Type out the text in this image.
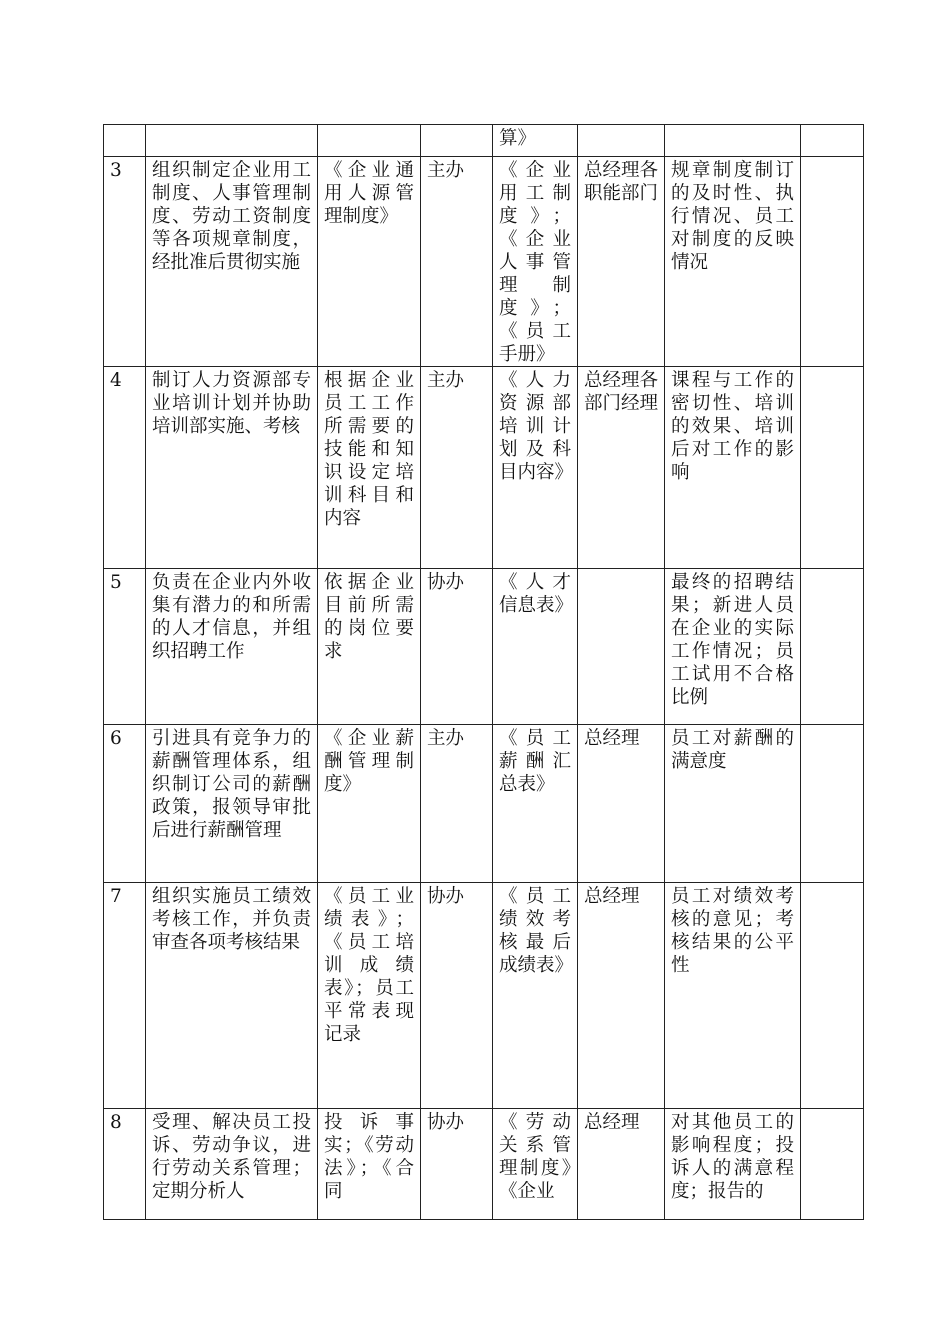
				算》			
3	组织制定企业用工制度、人事管理制度、劳动工资制度等各项规章制度，经批准后贯彻实施	《企业通用人源管理制度》	主办	《企业用工制度》；《企业人事管理制度》；《员工手册》	总经理各职能部门	规章制度制订的及时性、执行情况、员工对制度的反映情况	
4	制订人力资源部专业培训计划并协助培训部实施、考核	根据企业员工工作所需要的技能和知识设定培训科目和内容	主办	《人力资源部培训计划及科目内容》	总经理各部门经理	课程与工作的密切性、培训的效果、培训后对工作的影响	
5	负责在企业内外收集有潜力的和所需的人才信息，并组织招聘工作	依据企业目前所需的岗位要求	协办	《人才信息表》		最终的招聘结果；新进人员在企业的实际工作情况；员工试用不合格比例	
6	引进具有竞争力的薪酬管理体系，组织制订公司的薪酬政策，报领导审批后进行薪酬管理	《企业薪酬管理制度》	主办	《员工薪酬汇总表》	总经理	员工对薪酬的满意度	
7	组织实施员工绩效考核工作，并负责审查各项考核结果	《员工业绩表》；《员工培训成绩表》；员工平常表现记录	协办	《员工绩效考核最后成绩表》	总经理	员工对绩效考核的意见；考核结果的公平性	
8	受理、解决员工投诉、劳动争议，进行劳动关系管理；定期分析人	投诉事实；《劳动法》；《合同	协办	《劳动关系管理制度》《企业	总经理	对其他员工的影响程度；投诉人的满意程度；报告的	
